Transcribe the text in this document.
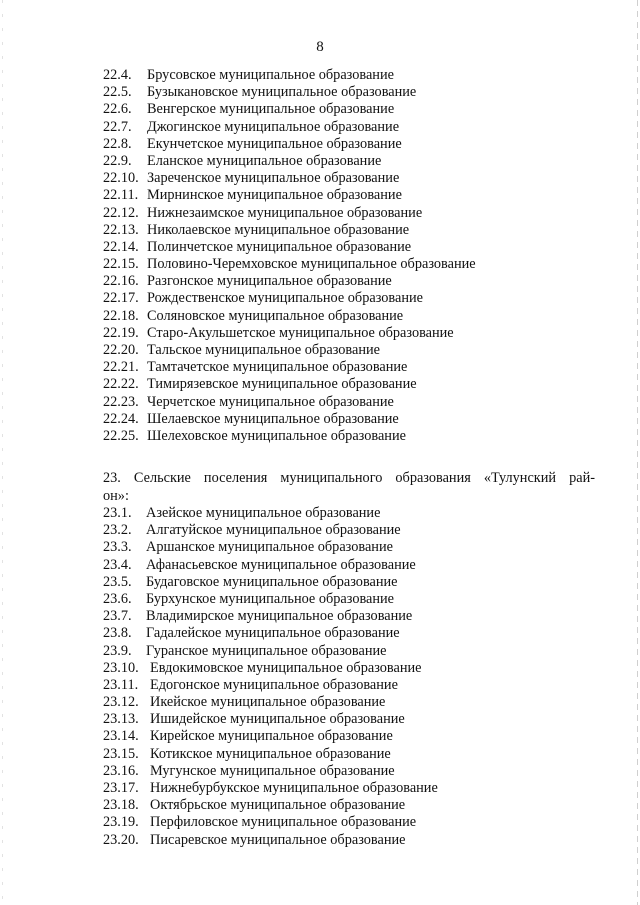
8
22.4. Брусовское муниципальное образование
22.5. Бузыкановское муниципальное образование
22.6. Венгерское муниципальное образование
22.7. Джогинское муниципальное образование
22.8. Екунчетское муниципальное образование
22.9. Еланское муниципальное образование
22.10. Зареченское муниципальное образование
22.11. Мирнинское муниципальное образование
22.12. Нижнезаимское муниципальное образование
22.13. Николаевское муниципальное образование
22.14. Полинчетское муниципальное образование
22.15. Половино-Черемховское муниципальное образование
22.16. Разгонское муниципальное образование
22.17. Рождественское муниципальное образование
22.18. Соляновское муниципальное образование
22.19. Старо-Акульшетское муниципальное образование
22.20. Тальское муниципальное образование
22.21. Тамтачетское муниципальное образование
22.22. Тимирязевское муниципальное образование
22.23. Черчетское муниципальное образование
22.24. Шелаевское муниципальное образование
22.25. Шелеховское муниципальное образование
23. Сельские поселения муниципального образования «Тулунский рай-
он»:
23.1. Азейское муниципальное образование
23.2. Алгатуйское муниципальное образование
23.3. Аршанское муниципальное образование
23.4. Афанасьевское муниципальное образование
23.5. Будаговское муниципальное образование
23.6. Бурхунское муниципальное образование
23.7. Владимирское муниципальное образование
23.8. Гадалейское муниципальное образование
23.9. Гуранское муниципальное образование
23.10. Евдокимовское муниципальное образование
23.11. Едогонское муниципальное образование
23.12. Икейское муниципальное образование
23.13. Ишидейское муниципальное образование
23.14. Кирейское муниципальное образование
23.15. Котикское муниципальное образование
23.16. Мугунское муниципальное образование
23.17. Нижнебурбукское муниципальное образование
23.18. Октябрьское муниципальное образование
23.19. Перфиловское муниципальное образование
23.20. Писаревское муниципальное образование
